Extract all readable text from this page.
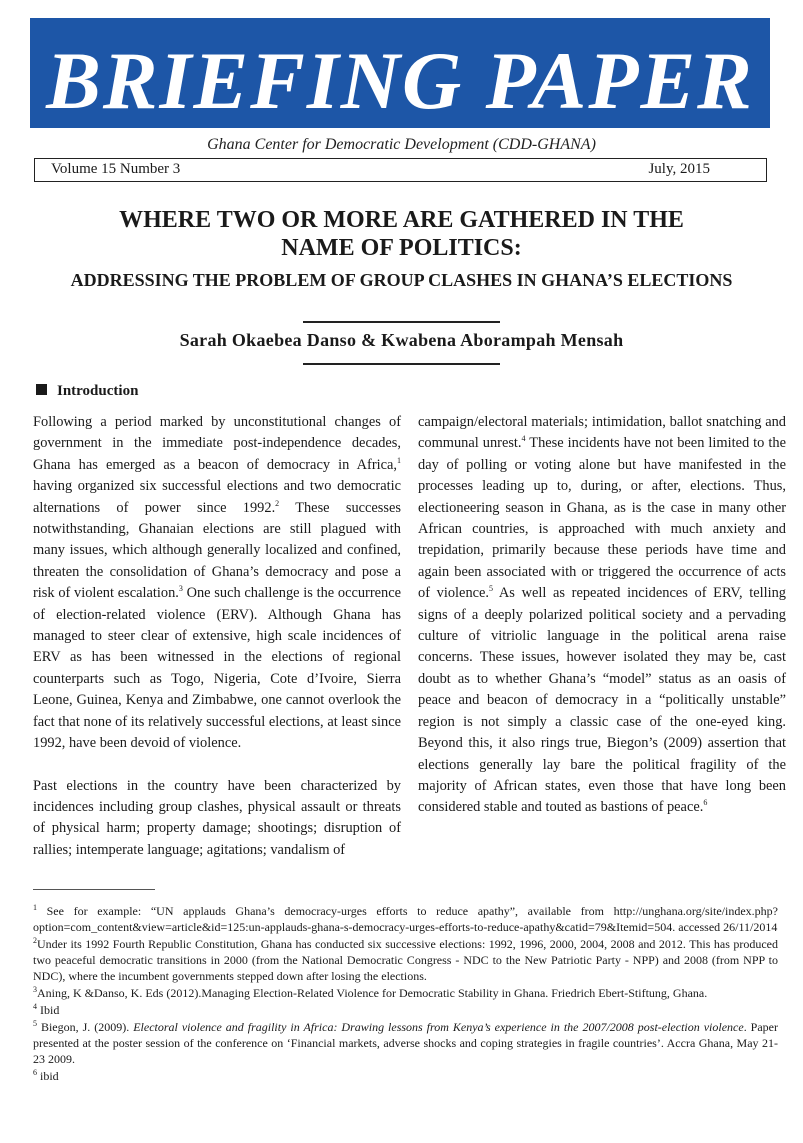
BRIEFING PAPER
Ghana Center for Democratic Development (CDD-GHANA)
Volume 15 Number 3	July, 2015
WHERE TWO OR MORE ARE GATHERED IN THE
NAME OF POLITICS:
ADDRESSING THE PROBLEM OF GROUP CLASHES IN GHANA’S ELECTIONS
Sarah Okaebea Danso & Kwabena Aborampah Mensah
Introduction

Following a period marked by unconstitutional changes of government in the immediate post-independence decades, Ghana has emerged as a beacon of democracy in Africa,$^1$ having organized six successful elections and two democratic alternations of power since 1992.$^2$ These successes notwithstanding, Ghanaian elections are still plagued with many issues, which although generally localized and confined, threaten the consolidation of Ghana’s democracy and pose a risk of violent escalation.$^3$ One such challenge is the occurrence of election-related violence (ERV). Although Ghana has managed to steer clear of extensive, high scale incidences of ERV as has been witnessed in the elections of regional counterparts such as Togo, Nigeria, Cote d’Ivoire, Sierra Leone, Guinea, Kenya and Zimbabwe, one cannot overlook the fact that none of its relatively successful elections, at least since 1992, have been devoid of violence.

Past elections in the country have been characterized by incidences including group clashes, physical assault or threats of physical harm; property damage; shootings; disruption of rallies; intemperate language; agitations; vandalism of

campaign/electoral materials; intimidation, ballot snatching and communal unrest.$^4$ These incidents have not been limited to the day of polling or voting alone but have manifested in the processes leading up to, during, or after, elections. Thus, electioneering season in Ghana, as is the case in many other African countries, is approached with much anxiety and trepidation, primarily because these periods have time and again been associated with or triggered the occurrence of acts of violence.$^5$ As well as repeated incidences of ERV, telling signs of a deeply polarized political society and a pervading culture of vitriolic language in the political arena raise concerns. These issues, however isolated they may be, cast doubt as to whether Ghana’s “model” status as an oasis of peace and beacon of democracy in a “politically unstable” region is not simply a classic case of the one-eyed king. Beyond this, it also rings true, Biegon’s (2009) assertion that elections generally lay bare the political fragility of the majority of African states, even those that have long been considered stable and touted as bastions of peace.$^6$

$^1$ See for example: “UN applauds Ghana’s democracy-urges efforts to reduce apathy”, available from http://unghana.org/site/index.php?option=com_content&view=article&id=125:un-applauds-ghana-s-democracy-urges-efforts-to-reduce-apathy&catid=79&Itemid=504. accessed 26/11/2014

$^2$Under its 1992 Fourth Republic Constitution, Ghana has conducted six successive elections: 1992, 1996, 2000, 2004, 2008 and 2012. This has produced two peaceful democratic transitions in 2000 (from the National Democratic Congress - NDC to the New Patriotic Party - NPP) and 2008 (from NPP to NDC), where the incumbent governments stepped down after losing the elections.

$^3$Aning, K &Danso, K. Eds (2012).Managing Election-Related Violence for Democratic Stability in Ghana. Friedrich Ebert-Stiftung, Ghana.

$^4$ Ibid

$^5$ Biegon, J. (2009). Electoral violence and fragility in Africa: Drawing lessons from Kenya’s experience in the 2007/2008 post-election violence. Paper presented at the poster session of the conference on ‘Financial markets, adverse shocks and coping strategies in fragile countries’. Accra Ghana, May 21-23 2009.

$^6$ ibid
